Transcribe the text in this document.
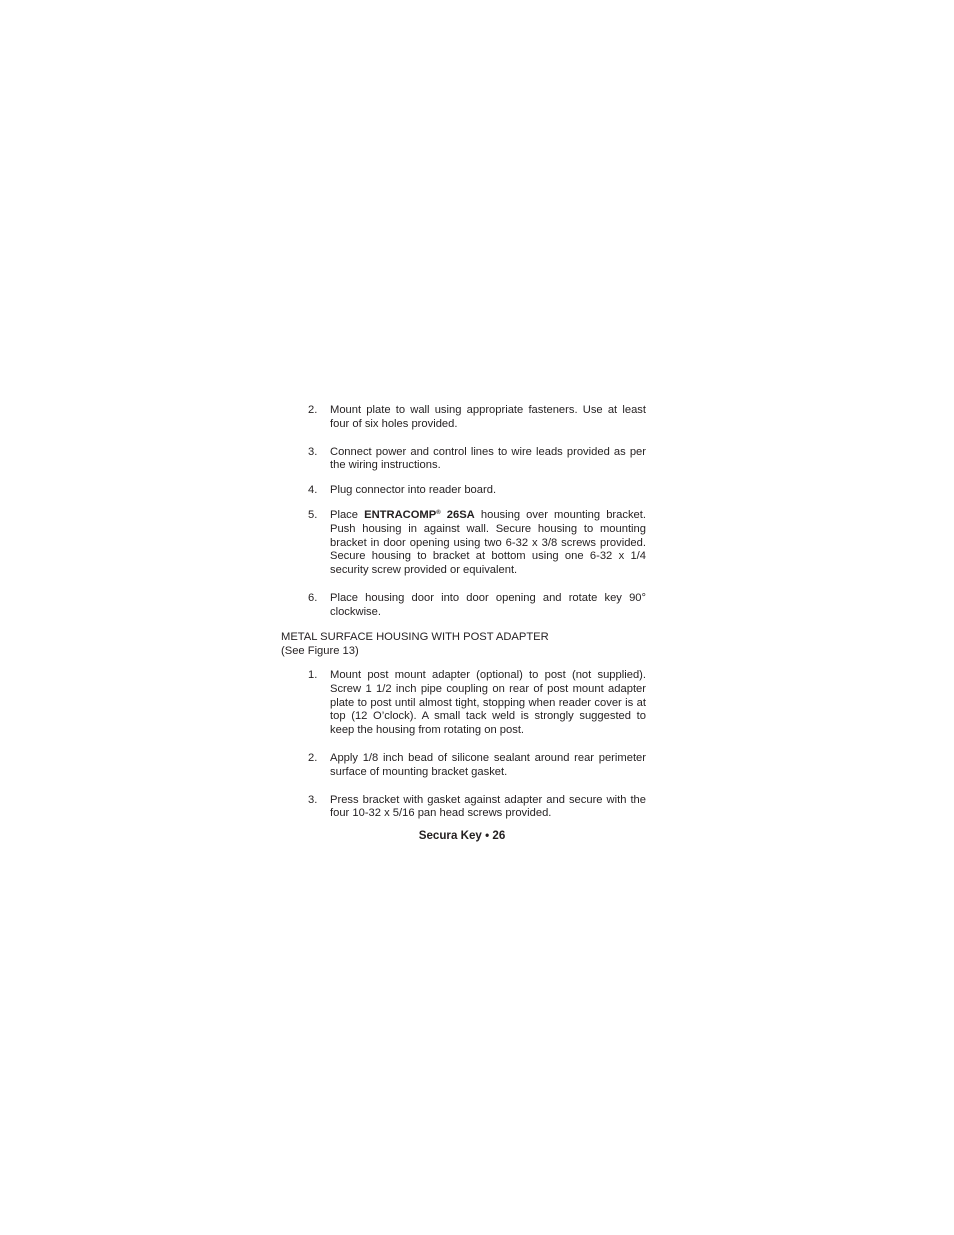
2.	Mount plate to wall using appropriate fasteners. Use at least four of six holes provided.
3.	Connect power and control lines to wire leads provided as per the wiring instructions.
4.	Plug connector into reader board.
5.	Place ENTRACOMP® 26SA housing over mounting bracket. Push housing in against wall. Secure housing to mounting bracket in door opening using two 6-32 x 3/8 screws provided. Secure housing to bracket at bottom using one 6-32 x 1/4 security screw provided or equivalent.
6.	Place housing door into door opening and rotate key 90° clockwise.
METAL SURFACE HOUSING WITH POST ADAPTER
(See Figure 13)
1.	Mount post mount adapter (optional) to post (not supplied). Screw 1 1/2 inch pipe coupling on rear of post mount adapter plate to post until almost tight, stopping when reader cover is at top (12 O’clock). A small tack weld is strongly suggested to keep the housing from rotating on post.
2.	Apply 1/8 inch bead of silicone sealant around rear perimeter surface of mounting bracket gasket.
3.	Press bracket with gasket against adapter and secure with the four 10-32 x 5/16 pan head screws provided.
Secura Key • 26
